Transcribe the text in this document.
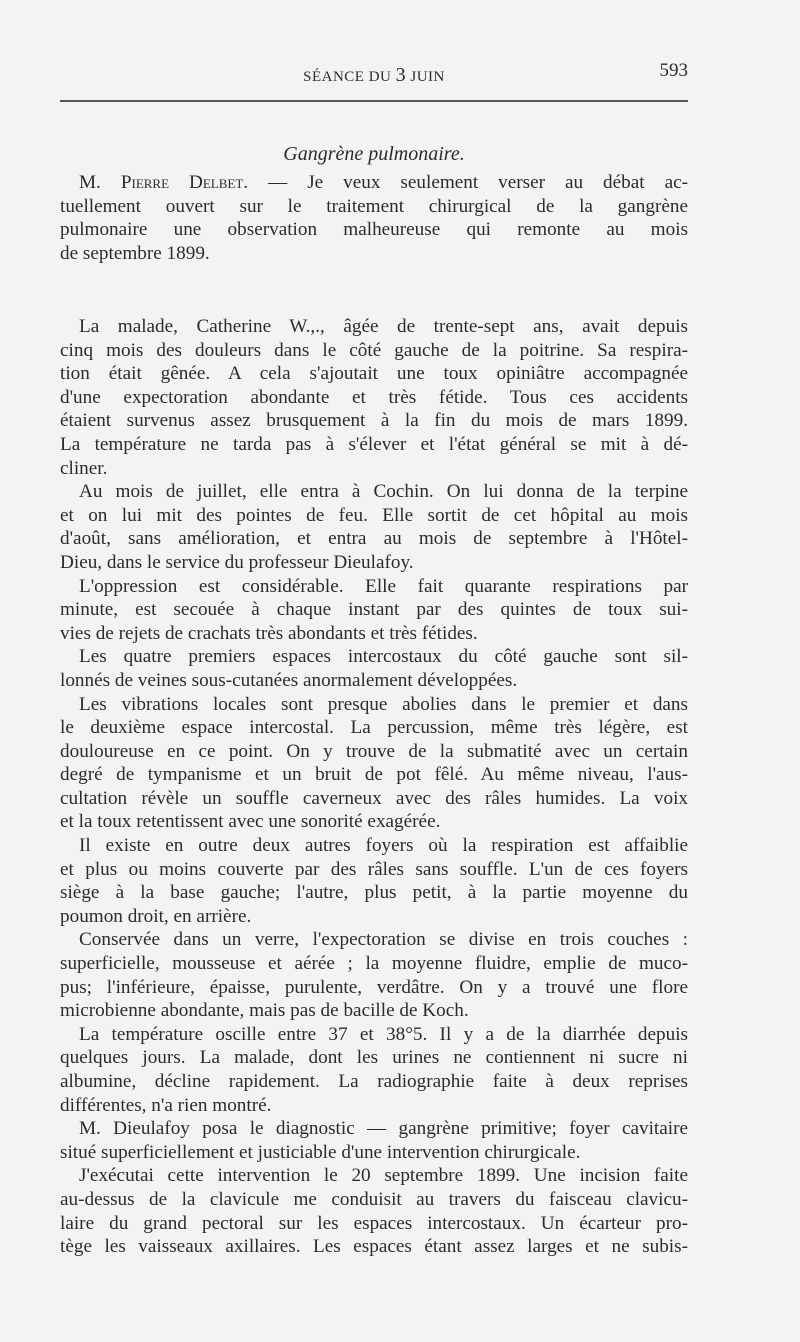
SÉANCE DU 3 JUIN	593
Gangrène pulmonaire.
M. Pierre Delbet. — Je veux seulement verser au débat ac-
tuellement ouvert sur le traitement chirurgical de la gangrène
pulmonaire une observation malheureuse qui remonte au mois
de septembre 1899.
La malade, Catherine W.,., âgée de trente-sept ans, avait depuis
cinq mois des douleurs dans le côté gauche de la poitrine. Sa respira-
tion était gênée. A cela s'ajoutait une toux opiniâtre accompagnée
d'une expectoration abondante et très fétide. Tous ces accidents
étaient survenus assez brusquement à la fin du mois de mars 1899.
La température ne tarda pas à s'élever et l'état général se mit à dé-
cliner.
Au mois de juillet, elle entra à Cochin. On lui donna de la terpine
et on lui mit des pointes de feu. Elle sortit de cet hôpital au mois
d'août, sans amélioration, et entra au mois de septembre à l'Hôtel-
Dieu, dans le service du professeur Dieulafoy.
L'oppression est considérable. Elle fait quarante respirations par
minute, est secouée à chaque instant par des quintes de toux sui-
vies de rejets de crachats très abondants et très fétides.
Les quatre premiers espaces intercostaux du côté gauche sont sil-
lonnés de veines sous-cutanées anormalement développées.
Les vibrations locales sont presque abolies dans le premier et dans
le deuxième espace intercostal. La percussion, même très légère, est
douloureuse en ce point. On y trouve de la submatité avec un certain
degré de tympanisme et un bruit de pot fêlé. Au même niveau, l'aus-
cultation révèle un souffle caverneux avec des râles humides. La voix
et la toux retentissent avec une sonorité exagérée.
Il existe en outre deux autres foyers où la respiration est affaiblie
et plus ou moins couverte par des râles sans souffle. L'un de ces foyers
siège à la base gauche; l'autre, plus petit, à la partie moyenne du
poumon droit, en arrière.
Conservée dans un verre, l'expectoration se divise en trois couches :
superficielle, mousseuse et aérée ; la moyenne fluidre, emplie de muco-
pus; l'inférieure, épaisse, purulente, verdâtre. On y a trouvé une flore
microbienne abondante, mais pas de bacille de Koch.
La température oscille entre 37 et 38°5. Il y a de la diarrhée depuis
quelques jours. La malade, dont les urines ne contiennent ni sucre ni
albumine, décline rapidement. La radiographie faite à deux reprises
différentes, n'a rien montré.
M. Dieulafoy posa le diagnostic — gangrène primitive; foyer cavitaire
situé superficiellement et justiciable d'une intervention chirurgicale.
J'exécutai cette intervention le 20 septembre 1899. Une incision faite
au-dessus de la clavicule me conduisit au travers du faisceau clavicu-
laire du grand pectoral sur les espaces intercostaux. Un écarteur pro-
tège les vaisseaux axillaires. Les espaces étant assez larges et ne subis-
